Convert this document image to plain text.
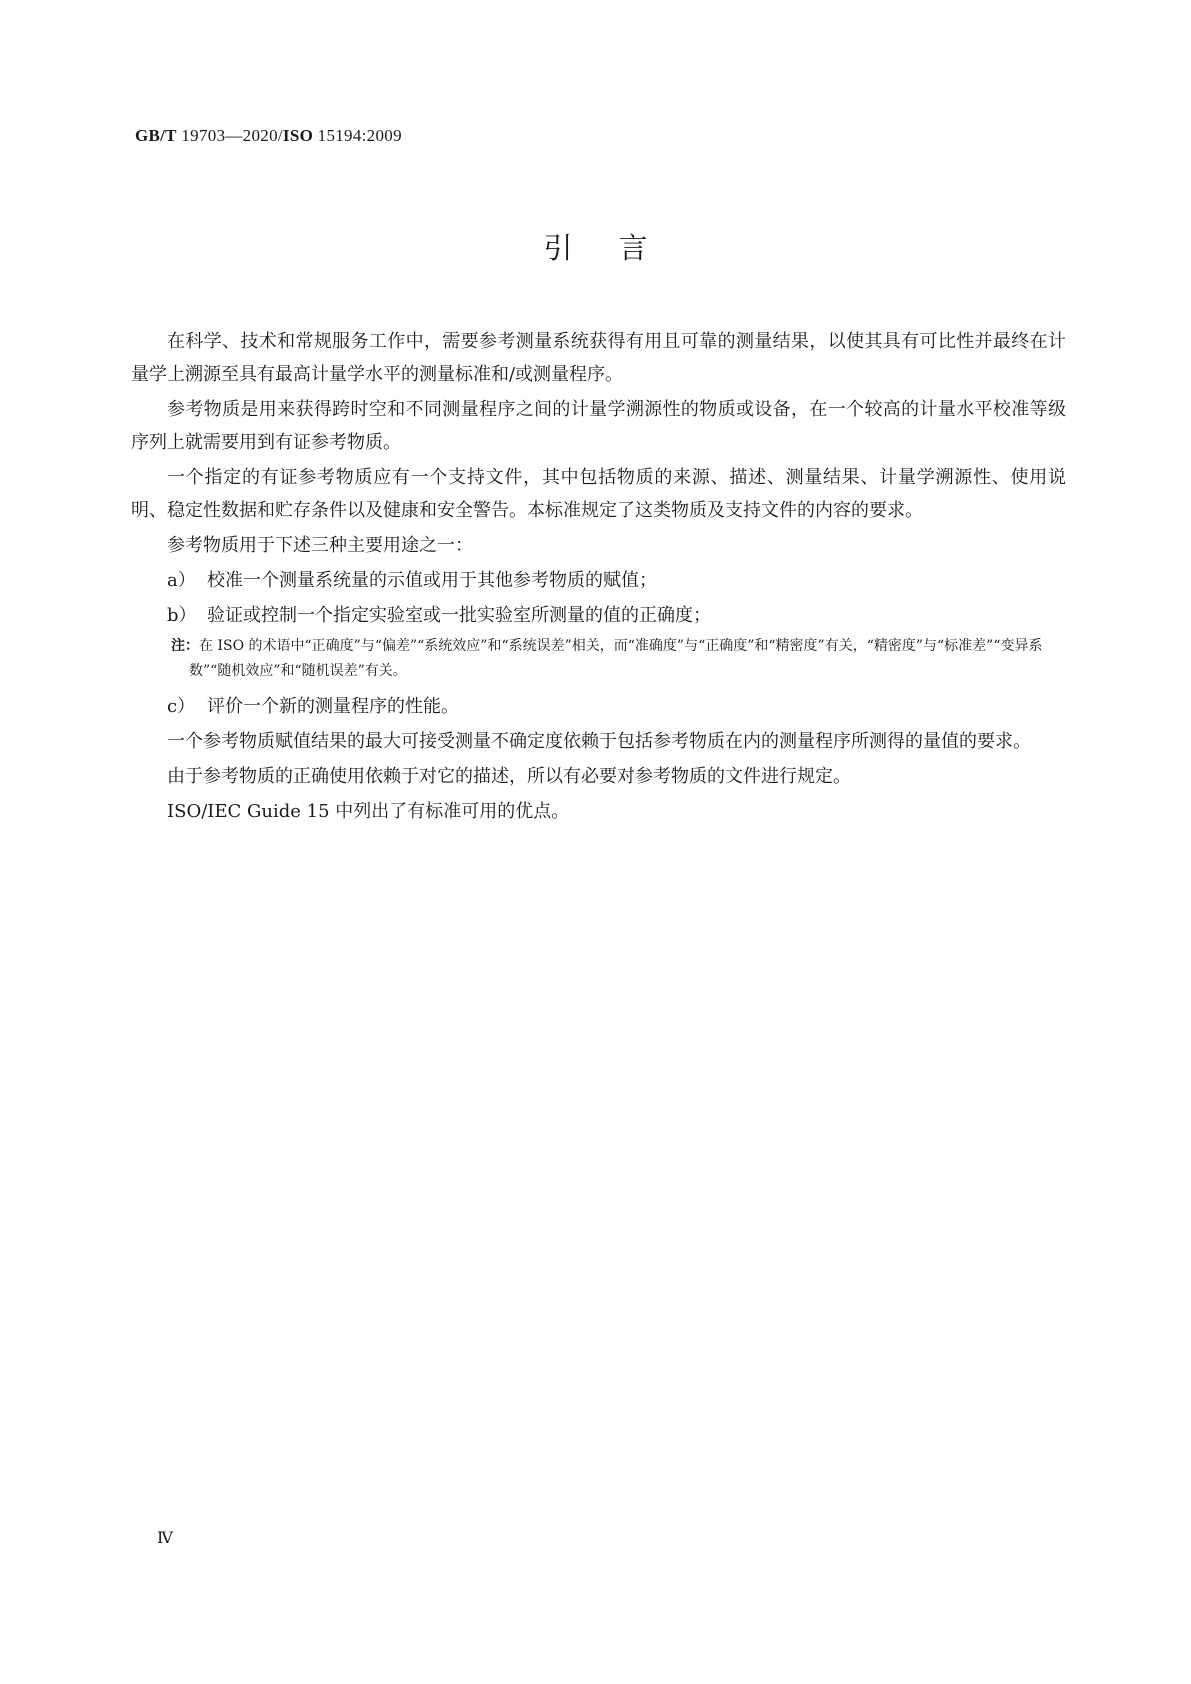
GB/T 19703—2020/ISO 15194:2009
引言

在科学、技术和常规服务工作中，需要参考测量系统获得有用且可靠的测量结果，以使其具有可比性并最终在计量学上溯源至具有最高计量学水平的测量标准和/或测量程序。

参考物质是用来获得跨时空和不同测量程序之间的计量学溯源性的物质或设备，在一个较高的计量水平校准等级序列上就需要用到有证参考物质。

一个指定的有证参考物质应有一个支持文件，其中包括物质的来源、描述、测量结果、计量学溯源性、使用说明、稳定性数据和贮存条件以及健康和安全警告。本标准规定了这类物质及支持文件的内容的要求。

参考物质用于下述三种主要用途之一：

a） 校准一个测量系统量的示值或用于其他参考物质的赋值；
b） 验证或控制一个指定实验室或一批实验室所测量的值的正确度；
注：在 ISO 的术语中“正确度”与“偏差”“系统效应”和“系统误差”相关，而“准确度”与“正确度”和“精密度”有关，“精密度”与“标准差”“变异系数”“随机效应”和“随机误差”有关。
c） 评价一个新的测量程序的性能。

一个参考物质赋值结果的最大可接受测量不确定度依赖于包括参考物质在内的测量程序所测得的量值的要求。

由于参考物质的正确使用依赖于对它的描述，所以有必要对参考物质的文件进行规定。

ISO/IEC Guide 15 中列出了有标准可用的优点。

Ⅳ
